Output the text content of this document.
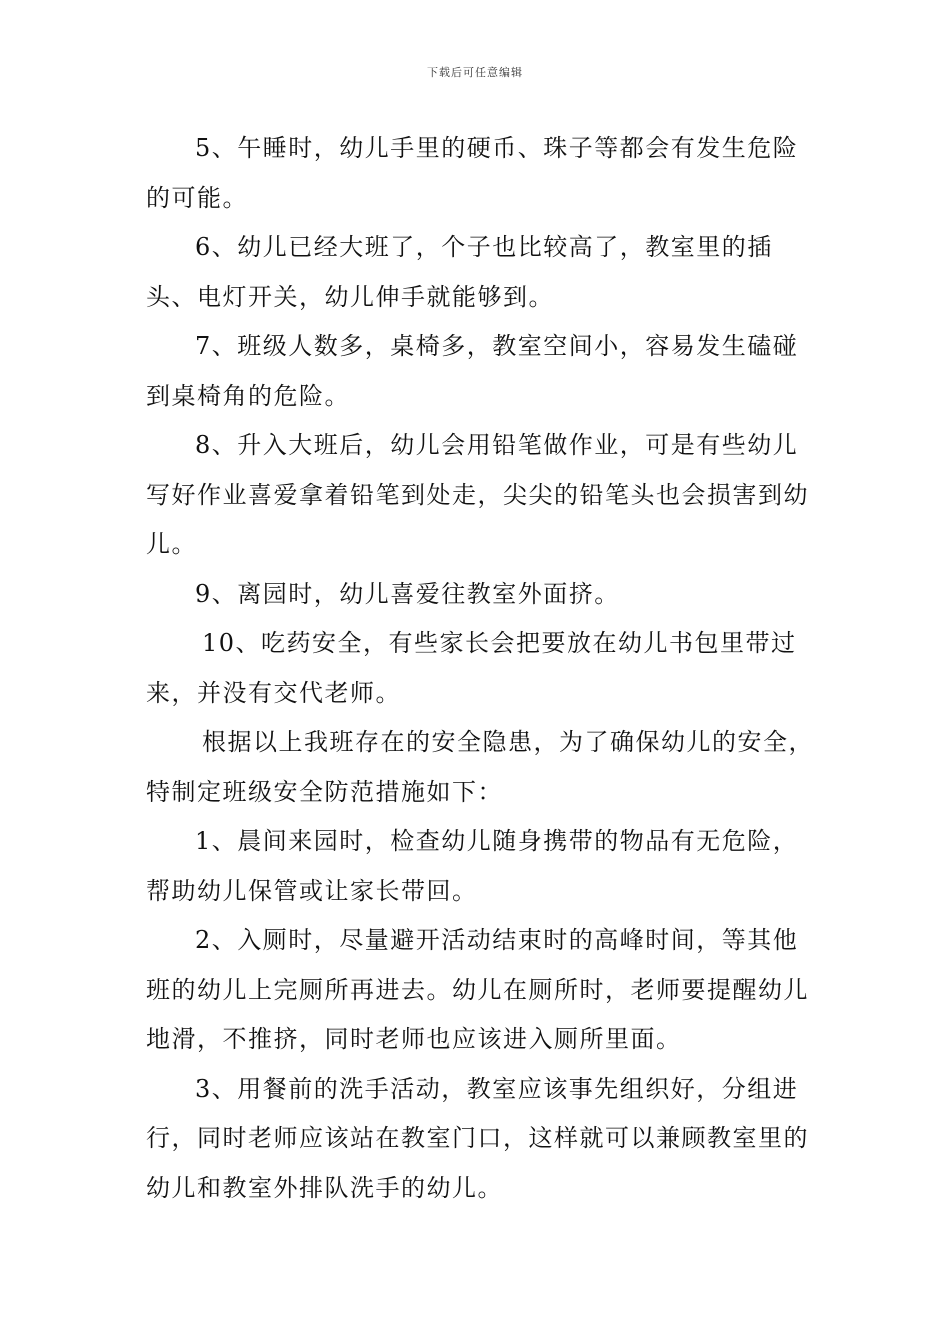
下载后可任意编辑

5、午睡时，幼儿手里的硬币、珠子等都会有发生危险的可能。

6、幼儿已经大班了，个子也比较高了，教室里的插头、电灯开关，幼儿伸手就能够到。

7、班级人数多，桌椅多，教室空间小，容易发生磕碰到桌椅角的危险。

8、升入大班后，幼儿会用铅笔做作业，可是有些幼儿写好作业喜爱拿着铅笔到处走，尖尖的铅笔头也会损害到幼儿。

9、离园时，幼儿喜爱往教室外面挤。

10、吃药安全，有些家长会把要放在幼儿书包里带过来，并没有交代老师。

根据以上我班存在的安全隐患，为了确保幼儿的安全，特制定班级安全防范措施如下：

1、晨间来园时，检查幼儿随身携带的物品有无危险，帮助幼儿保管或让家长带回。

2、入厕时，尽量避开活动结束时的高峰时间，等其他班的幼儿上完厕所再进去。幼儿在厕所时，老师要提醒幼儿地滑，不推挤，同时老师也应该进入厕所里面。

3、用餐前的洗手活动，教室应该事先组织好，分组进行，同时老师应该站在教室门口，这样就可以兼顾教室里的幼儿和教室外排队洗手的幼儿。
